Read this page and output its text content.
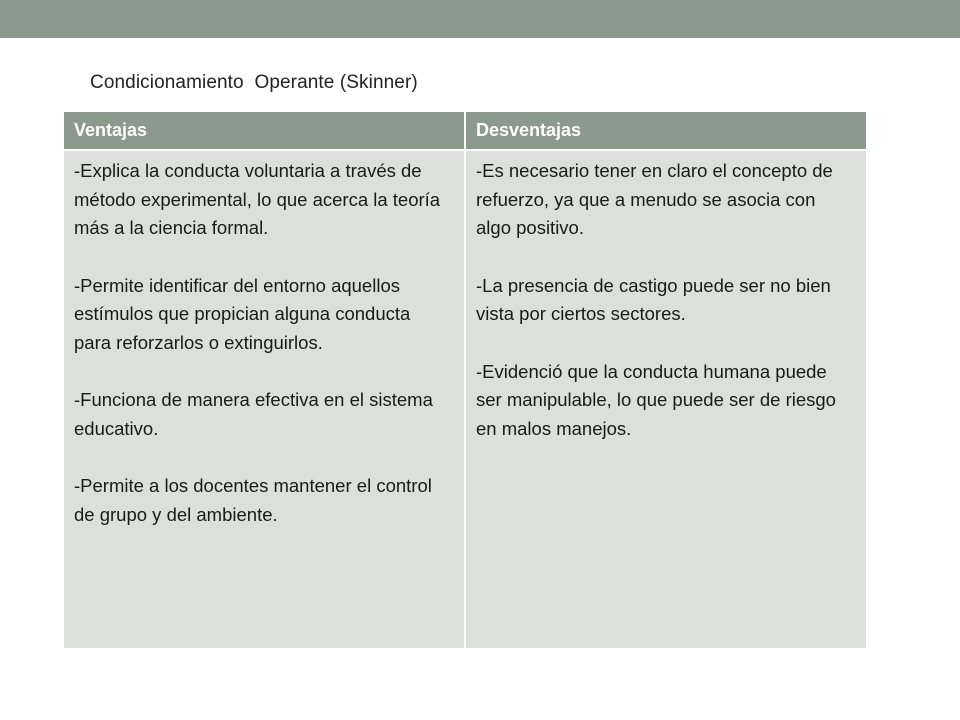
Condicionamiento  Operante (Skinner)
Ventajas	Desventajas

-Explica la conducta voluntaria a través de método experimental, lo que acerca la teoría más a la ciencia formal.

-Permite identificar del entorno aquellos estímulos que propician alguna conducta para reforzarlos o extinguirlos.

-Funciona de manera efectiva en el sistema educativo.

-Permite a los docentes mantener el control de grupo y del ambiente.

-Es necesario tener en claro el concepto de refuerzo, ya que a menudo se asocia con algo positivo.

-La presencia de castigo puede ser no bien vista por ciertos sectores.

-Evidenció que la conducta humana puede ser manipulable, lo que puede ser de riesgo en malos manejos.
